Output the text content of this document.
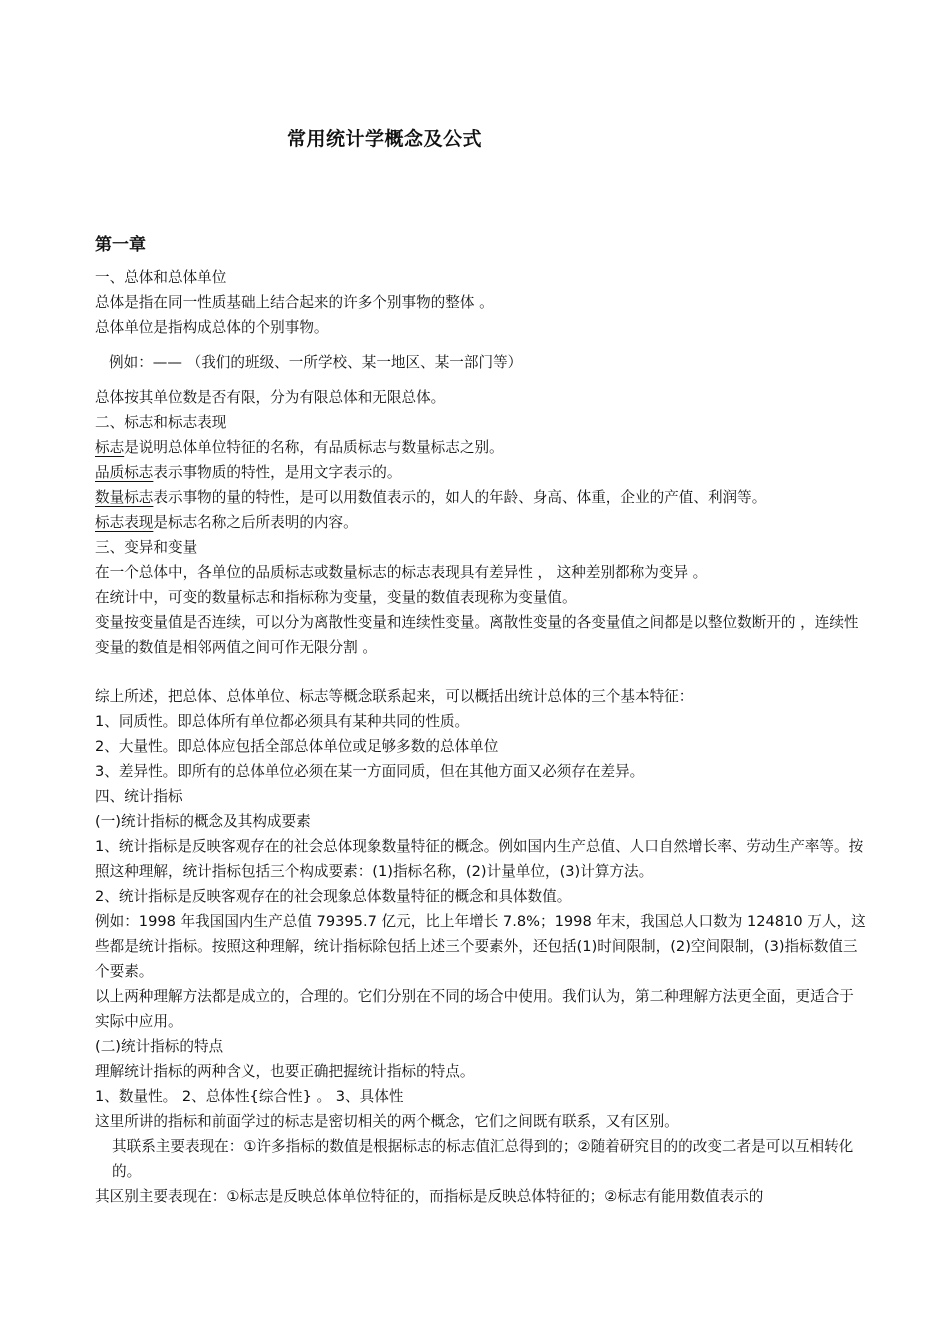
常用统计学概念及公式
第一章

一、总体和总体单位

总体是指在同一性质基础上结合起来的许多个别事物的整体 。

总体单位是指构成总体的个别事物。

例如：—— （我们的班级、一所学校、某一地区、某一部门等）

总体按其单位数是否有限，分为有限总体和无限总体。

二、标志和标志表现

标志是说明总体单位特征的名称，有品质标志与数量标志之别。

品质标志表示事物质的特性，是用文字表示的。

数量标志表示事物的量的特性，是可以用数值表示的，如人的年龄、身高、体重，企业的产值、利润等。

标志表现是标志名称之后所表明的内容。

三、变异和变量

在一个总体中，各单位的品质标志或数量标志的标志表现具有差异性 ， 这种差别都称为变异 。

在统计中，可变的数量标志和指标称为变量，变量的数值表现称为变量值。

变量按变量值是否连续，可以分为离散性变量和连续性变量。离散性变量的各变量值之间都是以整位数断开的 ，连续性变量的数值是相邻两值之间可作无限分割 。

综上所述，把总体、总体单位、标志等概念联系起来，可以概括出统计总体的三个基本特征：

1、同质性。即总体所有单位都必须具有某种共同的性质。

2、大量性。即总体应包括全部总体单位或足够多数的总体单位

3、差异性。即所有的总体单位必须在某一方面同质，但在其他方面又必须存在差异。

四、统计指标

(一)统计指标的概念及其构成要素

1、统计指标是反映客观存在的社会总体现象数量特征的概念。例如国内生产总值、人口自然增长率、劳动生产率等。按照这种理解，统计指标包括三个构成要素：(1)指标名称，(2)计量单位，(3)计算方法。

2、统计指标是反映客观存在的社会现象总体数量特征的概念和具体数值。

例如：1998 年我国国内生产总值 79395.7 亿元，比上年增长 7.8%；1998 年末，我国总人口数为 124810 万人，这些都是统计指标。按照这种理解，统计指标除包括上述三个要素外，还包括(1)时间限制，(2)空间限制，(3)指标数值三个要素。

以上两种理解方法都是成立的，合理的。它们分别在不同的场合中使用。我们认为，第二种理解方法更全面，更适合于实际中应用。

(二)统计指标的特点

理解统计指标的两种含义，也要正确把握统计指标的特点。

1、数量性。 2、总体性{综合性} 。 3、具体性

这里所讲的指标和前面学过的标志是密切相关的两个概念，它们之间既有联系，又有区别。

其联系主要表现在：①许多指标的数值是根据标志的标志值汇总得到的；②随着研究目的的改变二者是可以互相转化的。

其区别主要表现在：①标志是反映总体单位特征的，而指标是反映总体特征的；②标志有能用数值表示的
